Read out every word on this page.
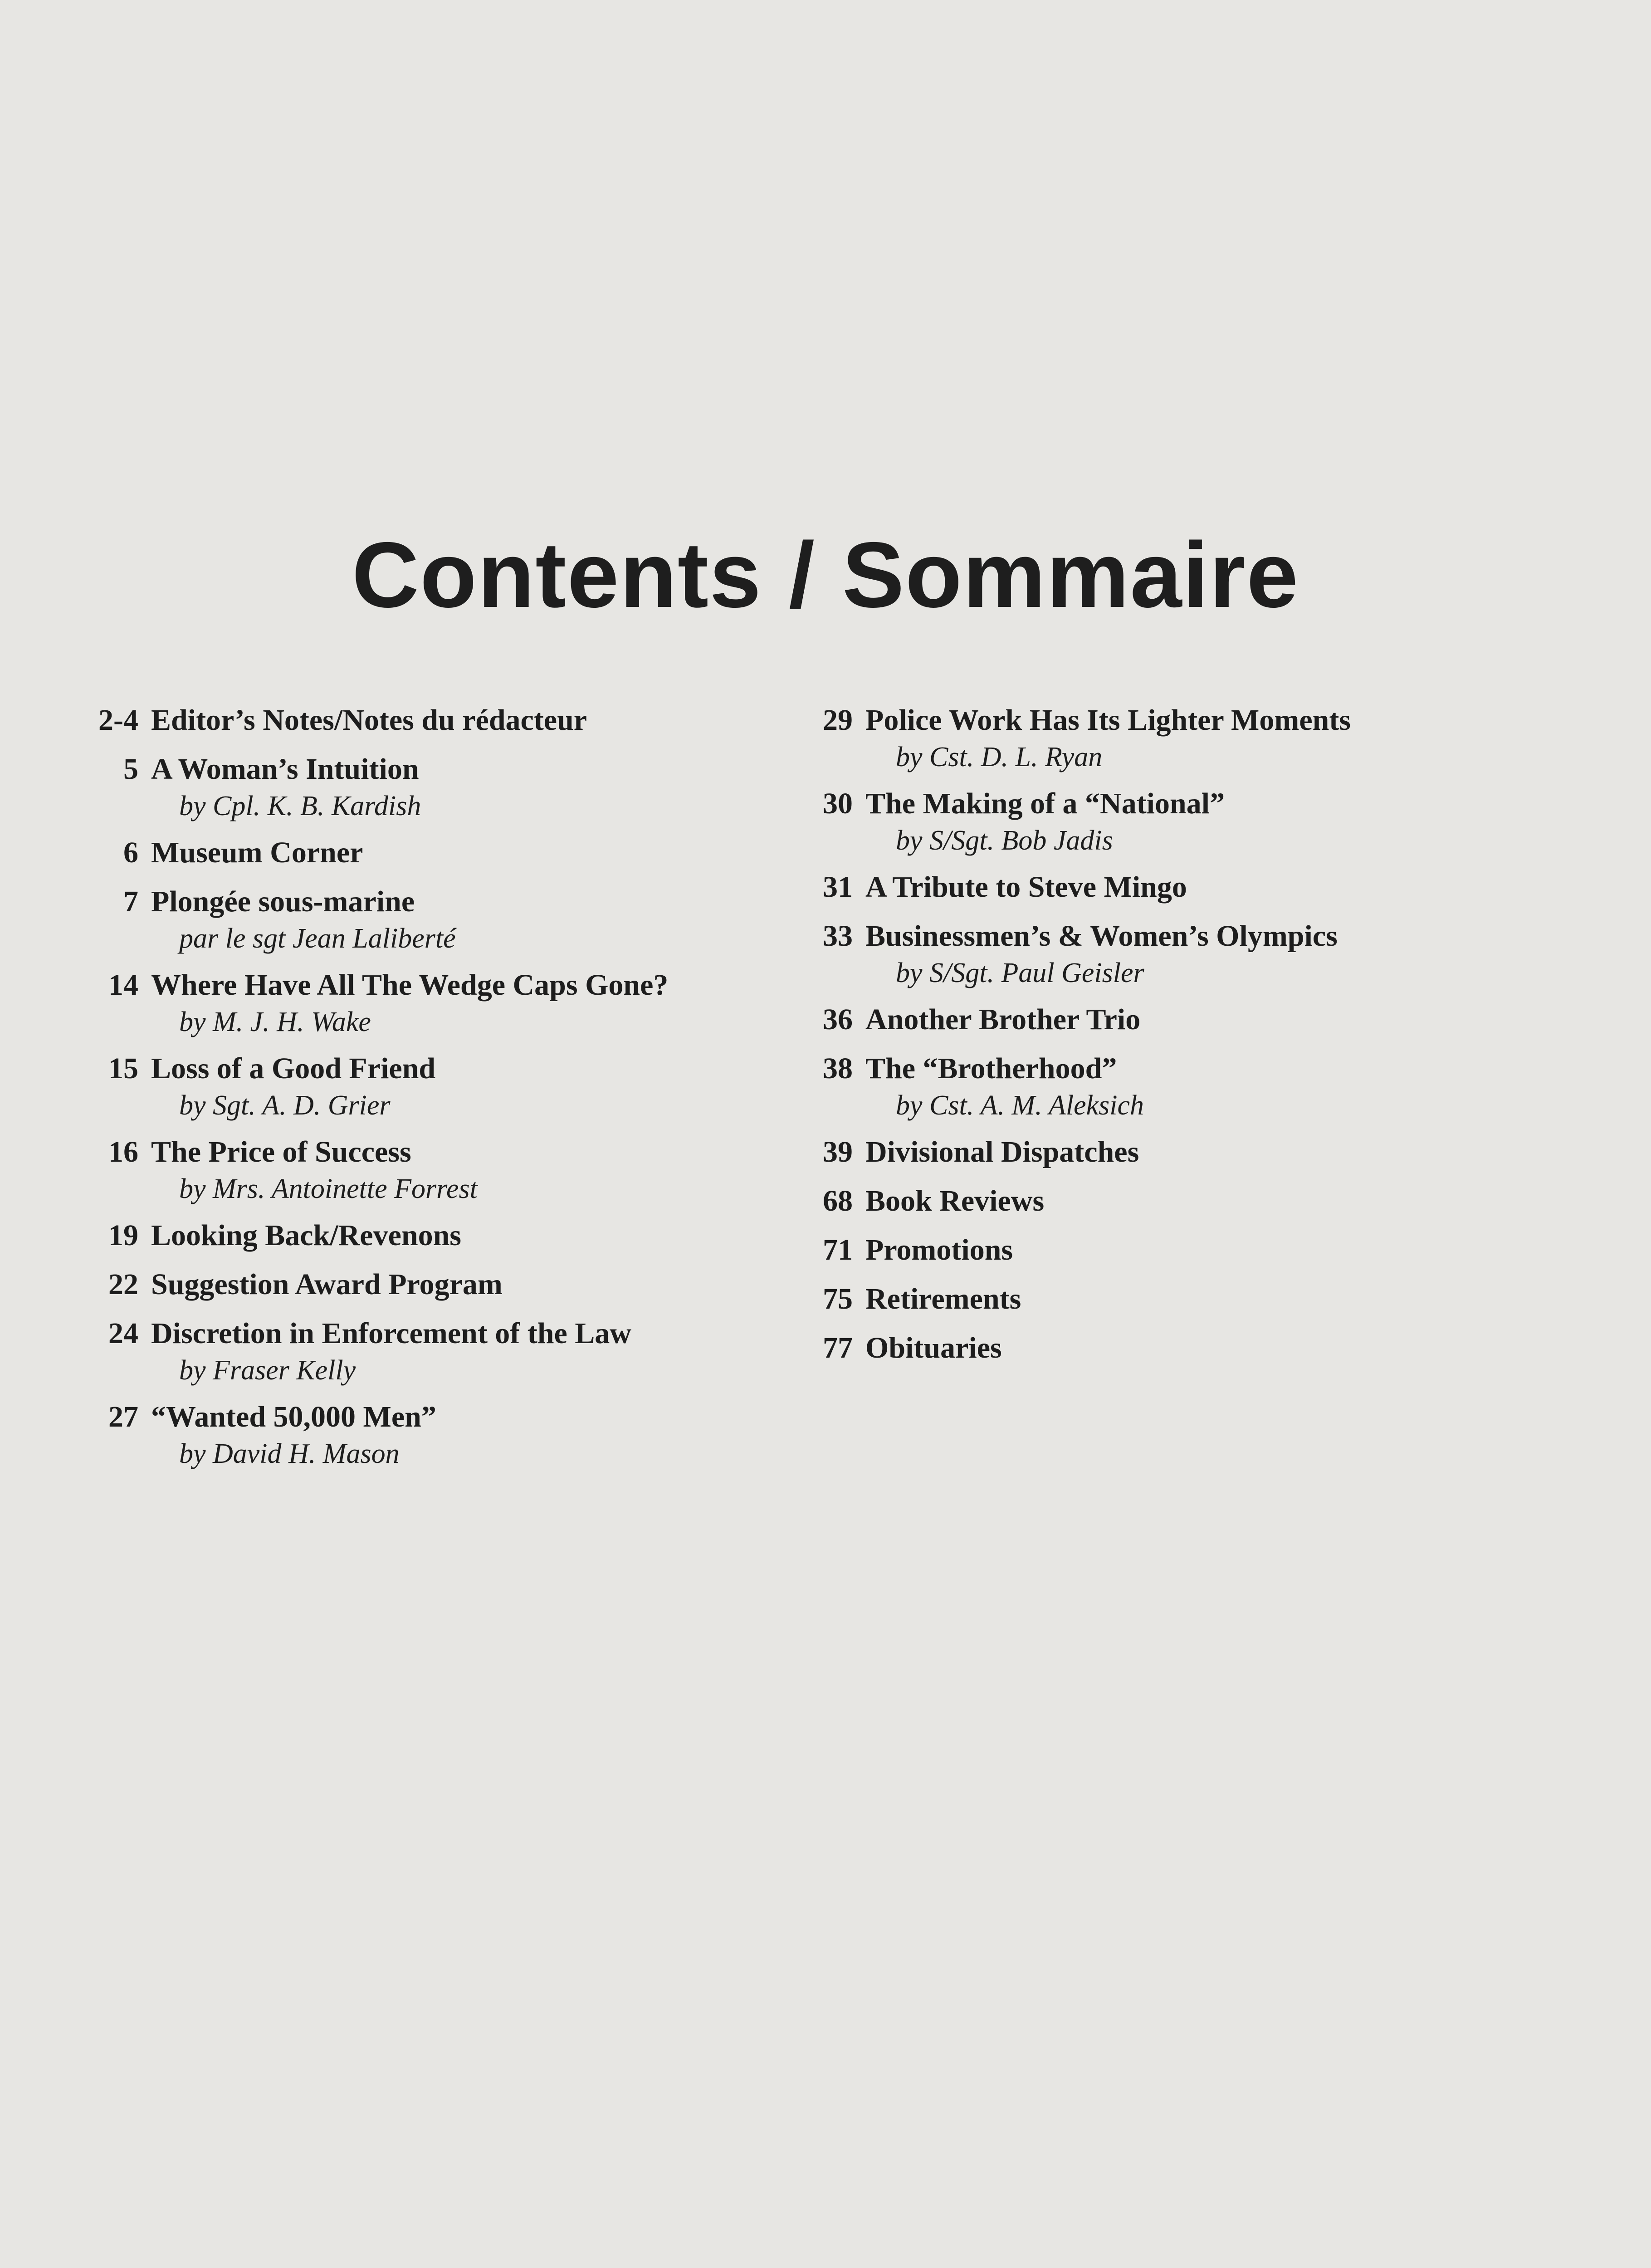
Contents / Sommaire
2-4 Editor’s Notes/Notes du rédacteur
5 A Woman’s Intuition
by Cpl. K. B. Kardish
6 Museum Corner
7 Plongée sous-marine
par le sgt Jean Laliberté
14 Where Have All The Wedge Caps Gone?
by M. J. H. Wake
15 Loss of a Good Friend
by Sgt. A. D. Grier
16 The Price of Success
by Mrs. Antoinette Forrest
19 Looking Back/Revenons
22 Suggestion Award Program
24 Discretion in Enforcement of the Law
by Fraser Kelly
27 “Wanted 50,000 Men”
by David H. Mason
29 Police Work Has Its Lighter Moments
by Cst. D. L. Ryan
30 The Making of a “National”
by S/Sgt. Bob Jadis
31 A Tribute to Steve Mingo
33 Businessmen’s & Women’s Olympics
by S/Sgt. Paul Geisler
36 Another Brother Trio
38 The “Brotherhood”
by Cst. A. M. Aleksich
39 Divisional Dispatches
68 Book Reviews
71 Promotions
75 Retirements
77 Obituaries
